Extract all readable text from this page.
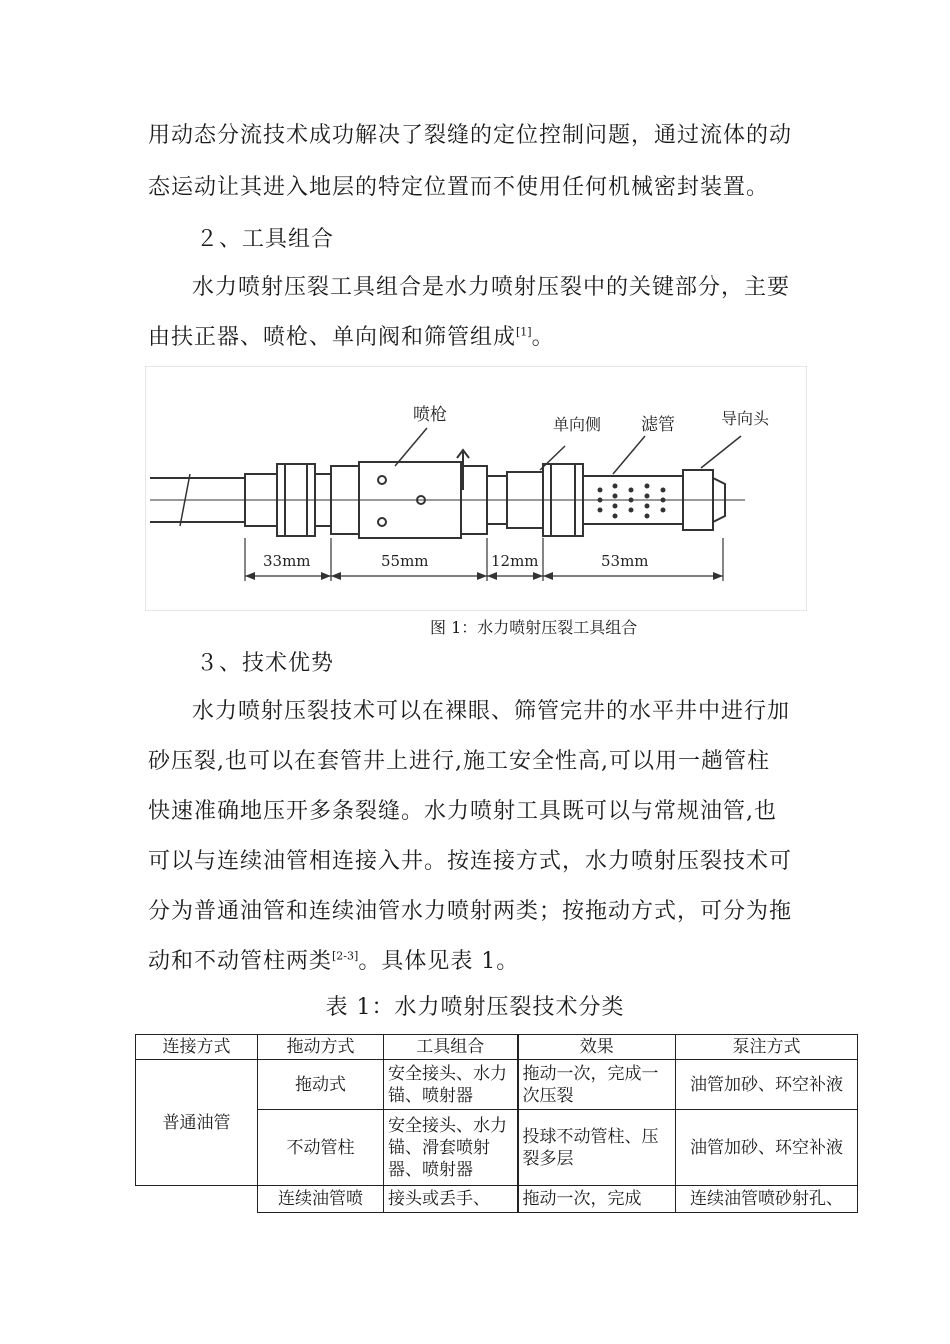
用动态分流技术成功解决了裂缝的定位控制问题，通过流体的动
态运动让其进入地层的特定位置而不使用任何机械密封装置。
２、工具组合
水力喷射压裂工具组合是水力喷射压裂中的关键部分，主要
由扶正器、喷枪、单向阀和筛管组成[1]。
喷枪	单向侧 滤管	导向头
33mm	55mm	12mm	53mm
图 1：水力喷射压裂工具组合
３、技术优势
水力喷射压裂技术可以在裸眼、筛管完井的水平井中进行加
砂压裂,也可以在套管井上进行,施工安全性高,可以用一趟管柱
快速准确地压开多条裂缝。水力喷射工具既可以与常规油管,也
可以与连续油管相连接入井。按连接方式，水力喷射压裂技术可
分为普通油管和连续油管水力喷射两类；按拖动方式，可分为拖
动和不动管柱两类[2-3]。具体见表 1。
表 1：水力喷射压裂技术分类
连接方式	拖动方式	工具组合	效果	泵注方式
普通油管	拖动式	安全接头、水力锚、喷射器	拖动一次，完成一次压裂	油管加砂、环空补液
	不动管柱	安全接头、水力锚、滑套喷射器、喷射器	投球不动管柱、压裂多层	油管加砂、环空补液
	连续油管喷	接头或丢手、	拖动一次，完成	连续油管喷砂射孔、
